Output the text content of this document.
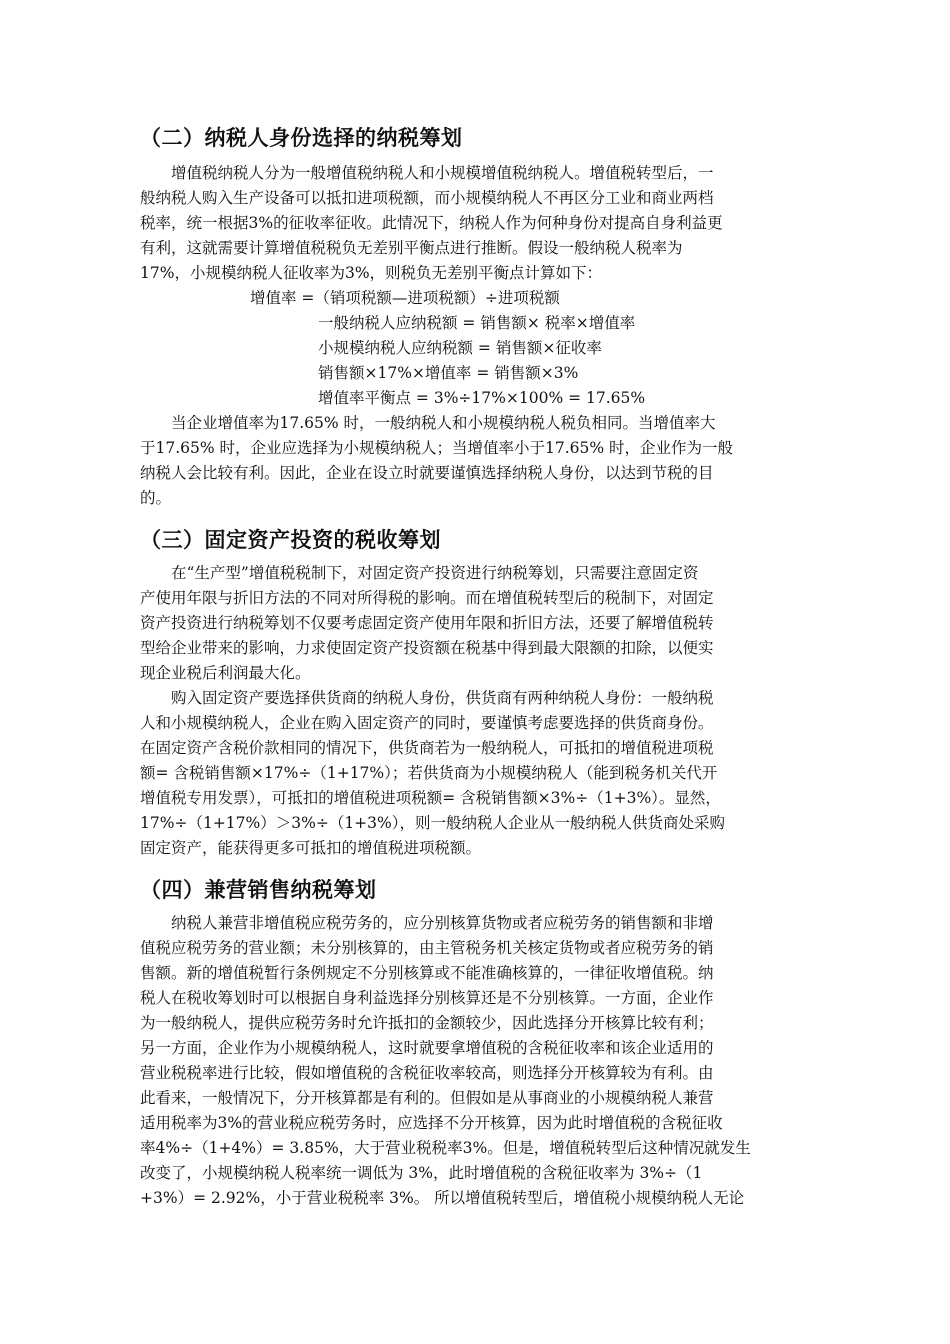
（二）纳税人身份选择的纳税筹划
　　增值税纳税人分为一般增值税纳税人和小规模增值税纳税人。增值税转型后，一
般纳税人购入生产设备可以抵扣进项税额，而小规模纳税人不再区分工业和商业两档
税率，统一根据3%的征收率征收。此情况下，纳税人作为何种身份对提高自身利益更
有利，这就需要计算增值税税负无差别平衡点进行推断。假设一般纳税人税率为
17%，小规模纳税人征收率为3%，则税负无差别平衡点计算如下：
增值率 =（销项税额—进项税额）÷进项税额
一般纳税人应纳税额 = 销售额× 税率×增值率
小规模纳税人应纳税额 = 销售额×征收率
销售额×17%×增值率 = 销售额×3%
增值率平衡点 = 3%÷17%×100% = 17.65%
　　当企业增值率为17.65% 时，一般纳税人和小规模纳税人税负相同。当增值率大
于17.65% 时，企业应选择为小规模纳税人；当增值率小于17.65% 时，企业作为一般
纳税人会比较有利。因此，企业在设立时就要谨慎选择纳税人身份，以达到节税的目
的。
（三）固定资产投资的税收筹划
　　在“生产型”增值税税制下，对固定资产投资进行纳税筹划，只需要注意固定资
产使用年限与折旧方法的不同对所得税的影响。而在增值税转型后的税制下，对固定
资产投资进行纳税筹划不仅要考虑固定资产使用年限和折旧方法，还要了解增值税转
型给企业带来的影响，力求使固定资产投资额在税基中得到最大限额的扣除，以便实
现企业税后利润最大化。
　　购入固定资产要选择供货商的纳税人身份，供货商有两种纳税人身份：一般纳税
人和小规模纳税人，企业在购入固定资产的同时，要谨慎考虑要选择的供货商身份。
在固定资产含税价款相同的情况下，供货商若为一般纳税人，可抵扣的增值税进项税
额= 含税销售额×17%÷（1+17%）；若供货商为小规模纳税人（能到税务机关代开
增值税专用发票），可抵扣的增值税进项税额= 含税销售额×3%÷（1+3%）。显然，
17%÷（1+17%）＞3%÷（1+3%），则一般纳税人企业从一般纳税人供货商处采购
固定资产，能获得更多可抵扣的增值税进项税额。
（四）兼营销售纳税筹划
　　纳税人兼营非增值税应税劳务的，应分别核算货物或者应税劳务的销售额和非增
值税应税劳务的营业额；未分别核算的，由主管税务机关核定货物或者应税劳务的销
售额。新的增值税暂行条例规定不分别核算或不能准确核算的，一律征收增值税。纳
税人在税收筹划时可以根据自身利益选择分别核算还是不分别核算。一方面，企业作
为一般纳税人，提供应税劳务时允许抵扣的金额较少，因此选择分开核算比较有利；
另一方面，企业作为小规模纳税人，这时就要拿增值税的含税征收率和该企业适用的
营业税税率进行比较，假如增值税的含税征收率较高，则选择分开核算较为有利。由
此看来，一般情况下，分开核算都是有利的。但假如是从事商业的小规模纳税人兼营
适用税率为3%的营业税应税劳务时，应选择不分开核算，因为此时增值税的含税征收
率4%÷（1+4%）= 3.85%，大于营业税税率3%。但是，增值税转型后这种情况就发生
改变了，小规模纳税人税率统一调低为 3%，此时增值税的含税征收率为 3%÷（1
+3%）= 2.92%，小于营业税税率 3%。 所以增值税转型后，增值税小规模纳税人无论
